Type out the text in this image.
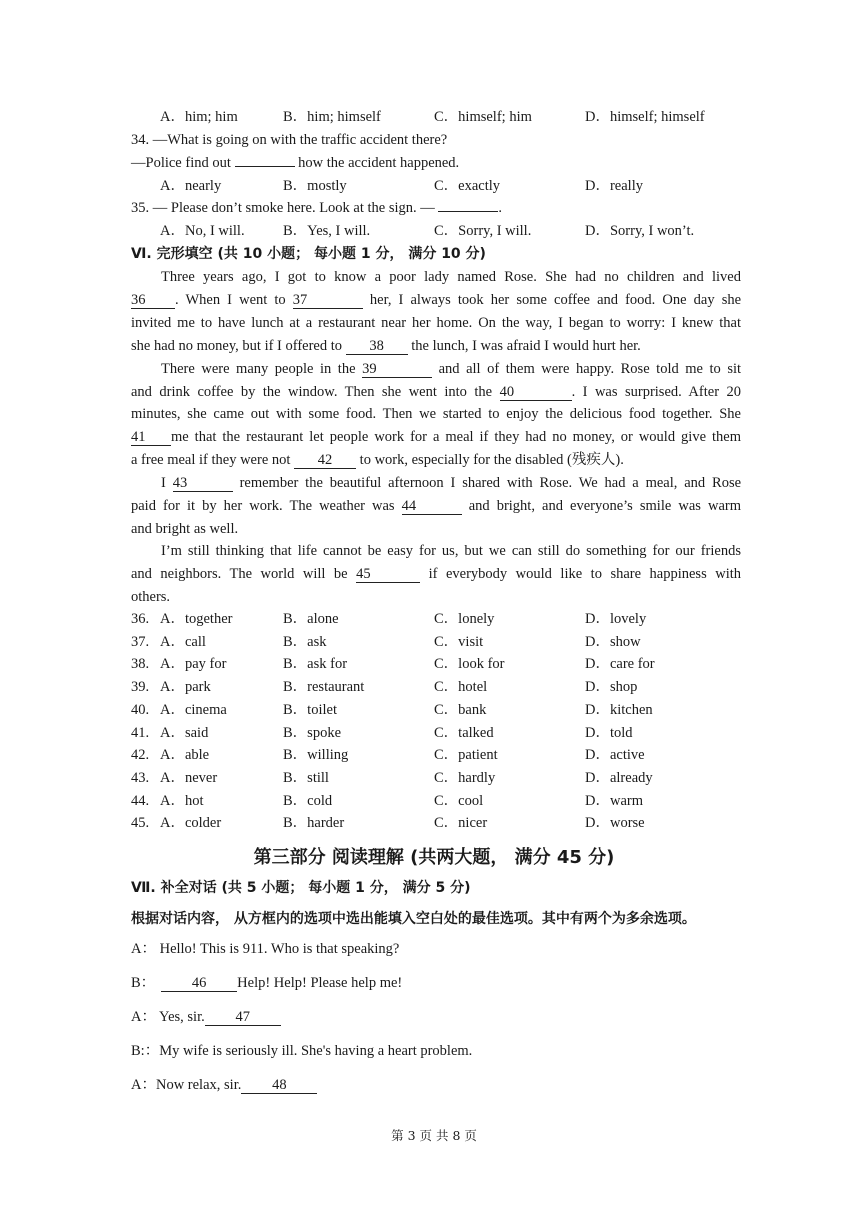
A．him; him	B．him; himself	C．himself; him	D．himself; himself
34. —What is going on with the traffic accident there?
—Police find out	how the accident happened.
A．nearly	B．mostly	C．exactly	D．really
35. — Please don’t smoke here. Look at the sign. —	.
A．No, I will.	B．Yes, I will.	C．Sorry, I will.	D．Sorry, I won’t.
Ⅵ. 完形填空 (共 10 小题； 每小题 1 分， 满分 10 分)
Three years ago, I got to know a poor lady named Rose. She had no children and lived
36 . When I went to 37	her, I always took her some coffee and food. One day she
invited me to have lunch at a restaurant near her home. On the way, I began to worry: I knew that
she had no money, but if I offered to 38 the lunch, I was afraid I would hurt her.
There were many people in the 39	and all of them were happy. Rose told me to sit
and drink coffee by the window. Then she went into the 40	. I was surprised. After 20
minutes, she came out with some food. Then we started to enjoy the delicious food together. She
41 me that the restaurant let people work for a meal if they had no money, or would give them
a free meal if they were not 42 to work, especially for the disabled (残疾人).
I 43	remember the beautiful afternoon I shared with Rose. We had a meal, and Rose
paid for it by her work. The weather was 44	and bright, and everyone’s smile was warm
and bright as well.
I’m still thinking that life cannot be easy for us, but we can still do something for our friends
and neighbors. The world will be 45	if everybody would like to share happiness with
others.
36. A．together	B．alone	C．lonely	D．lovely
37. A．call	B．ask	C．visit	D．show
38. A．pay for	B．ask for	C．look for	D．care for
39. A．park	B．restaurant	C．hotel	D．shop
40. A．cinema	B．toilet	C．bank	D．kitchen
41. A．said	B．spoke	C．talked	D．told
42. A．able	B．willing	C．patient	D．active
43. A．never	B．still	C．hardly	D．already
44. A．hot	B．cold	C．cool	D．warm
45. A．colder	B．harder	C．nicer	D．worse
第三部分 阅读理解 (共两大题， 满分 45 分)
Ⅶ. 补全对话 (共 5 小题； 每小题 1 分， 满分 5 分)
根据对话内容， 从方框内的选项中选出能填入空白处的最佳选项。其中有两个为多余选项。
A： Hello! This is 911. Who is that speaking?
B：	46 Help! Help! Please help me!
A： Yes, sir. 47
B:：My wife is seriously ill. She's having a heart problem.
A：Now relax, sir. 48
第 3 页 共 8 页
